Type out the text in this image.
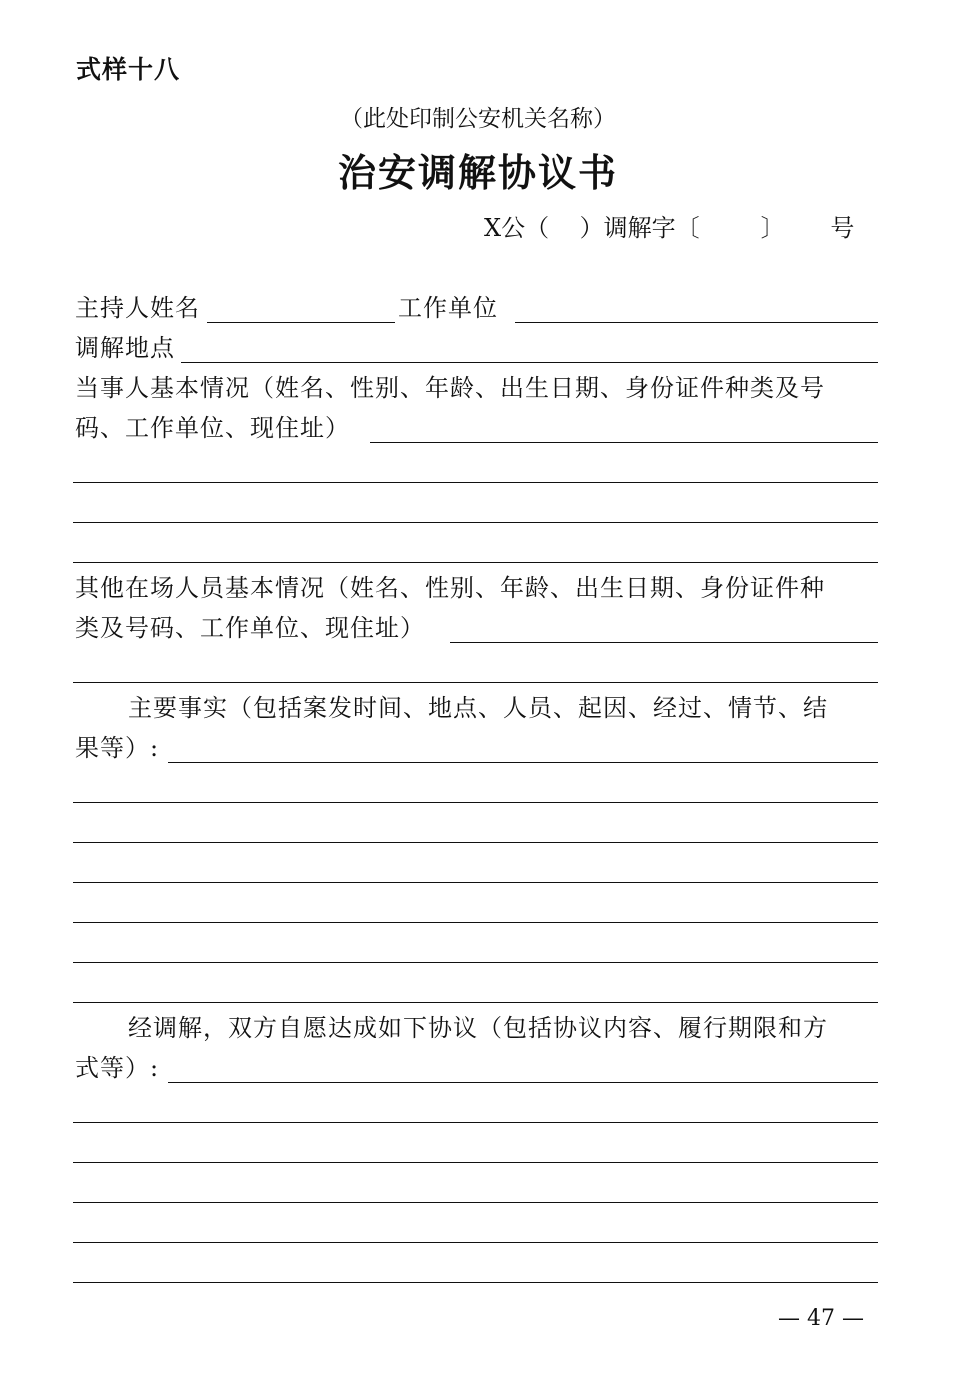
式样十八
（此处印制公安机关名称）
治安调解协议书
X公（    ）调解字〔        〕      号
主持人姓名	工作单位
调解地点
当事人基本情况（姓名、性别、年龄、出生日期、身份证件种类及号
码、工作单位、现住址）
其他在场人员基本情况（姓名、性别、年龄、出生日期、身份证件种
类及号码、工作单位、现住址）
主要事实（包括案发时间、地点、人员、起因、经过、情节、结
果等）:
经调解，双方自愿达成如下协议（包括协议内容、履行期限和方
式等）:
— 47 —
